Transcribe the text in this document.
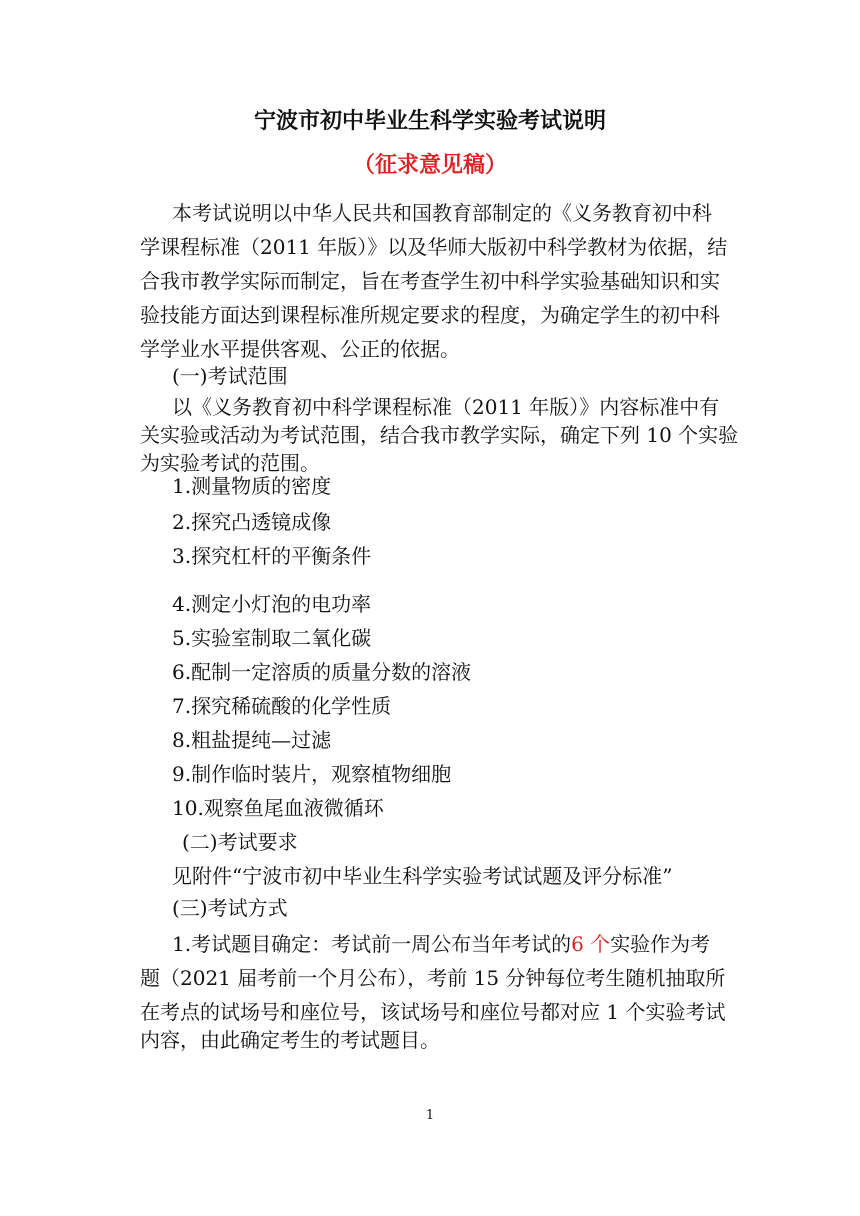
宁波市初中毕业生科学实验考试说明
（征求意见稿）
本考试说明以中华人民共和国教育部制定的《义务教育初中科
学课程标准（2011 年版）》以及华师大版初中科学教材为依据，结
合我市教学实际而制定，旨在考查学生初中科学实验基础知识和实
验技能方面达到课程标准所规定要求的程度，为确定学生的初中科
学学业水平提供客观、公正的依据。
(一)考试范围
以《义务教育初中科学课程标准（2011 年版）》内容标准中有
关实验或活动为考试范围，结合我市教学实际，确定下列 10 个实验
为实验考试的范围。
1.测量物质的密度
2.探究凸透镜成像
3.探究杠杆的平衡条件
4.测定小灯泡的电功率
5.实验室制取二氧化碳
6.配制一定溶质的质量分数的溶液
7.探究稀硫酸的化学性质
8.粗盐提纯—过滤
9.制作临时装片，观察植物细胞
10.观察鱼尾血液微循环
(二)考试要求
见附件“宁波市初中毕业生科学实验考试试题及评分标准”
(三)考试方式
1.考试题目确定：考试前一周公布当年考试的6 个实验作为考
题（2021 届考前一个月公布），考前 15 分钟每位考生随机抽取所
在考点的试场号和座位号，该试场号和座位号都对应 1 个实验考试
内容，由此确定考生的考试题目。
1
